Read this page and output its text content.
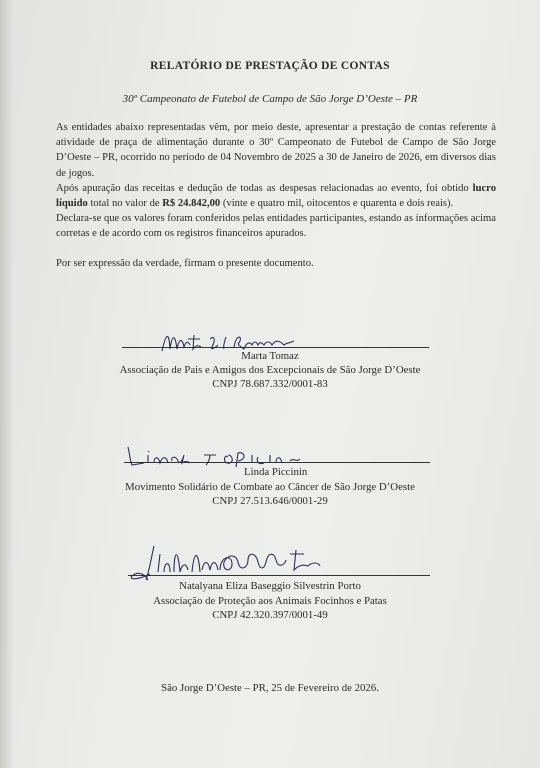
RELATÓRIO DE PRESTAÇÃO DE CONTAS
30º Campeonato de Futebol de Campo de São Jorge D’Oeste – PR

As entidades abaixo representadas vêm, por meio deste, apresentar a prestação de contas referente à atividade de praça de alimentação durante o 30º Campeonato de Futebol de Campo de São Jorge D’Oeste – PR, ocorrido no período de 04 Novembro de 2025 a 30 de Janeiro de 2026, em diversos dias de jogos.

Após apuração das receitas e dedução de todas as despesas relacionadas ao evento, foi obtido lucro líquido total no valor de R$ 24.842,00 (vinte e quatro mil, oitocentos e quarenta e dois reais).

Declara-se que os valores foram conferidos pelas entidades participantes, estando as informações acima corretas e de acordo com os registros financeiros apurados.

Por ser expressão da verdade, firmam o presente documento.

Marta Tomaz
Associação de Pais e Amigos dos Excepcionais de São Jorge D’Oeste
CNPJ 78.687.332/0001-83
Linda Piccinin
Movimento Solidário de Combate ao Câncer de São Jorge D’Oeste
CNPJ 27.513.646/0001-29
Natalyana Eliza Baseggio Silvestrin Porto
Associação de Proteção aos Animais Focinhos e Patas
CNPJ 42.320.397/0001-49
São Jorge D’Oeste – PR, 25 de Fevereiro de 2026.
